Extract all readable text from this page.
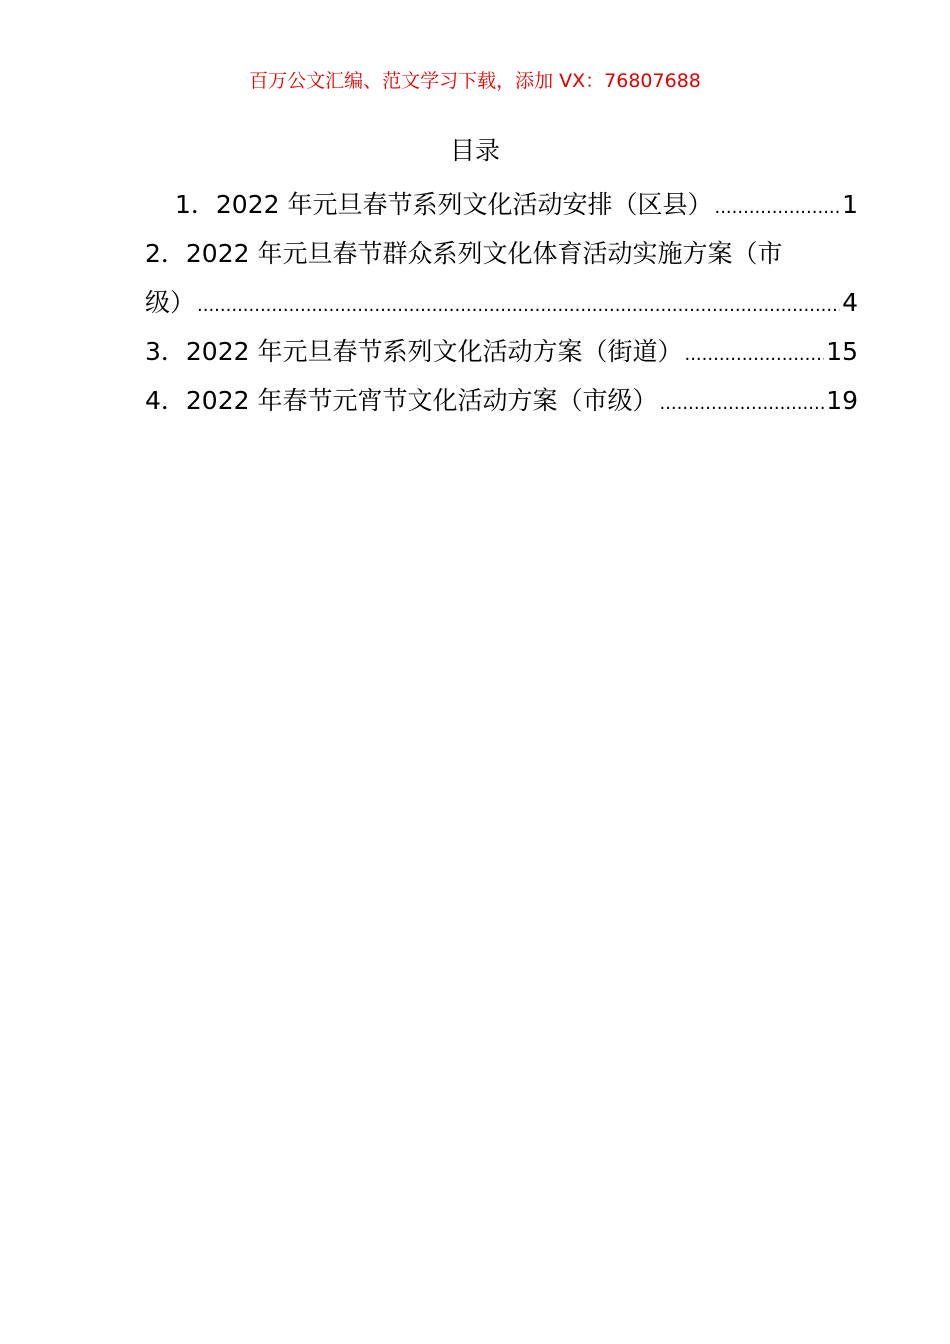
百万公文汇编、范文学习下载，添加 VX：76807688
目录
1．2022 年元旦春节系列文化活动安排（区县） .....	1
2．2022 年元旦春节群众系列文化体育活动实施方案（市
级） .....	4
3．2022 年元旦春节系列文化活动方案（街道） .....	15
4．2022 年春节元宵节文化活动方案（市级） .....	19
